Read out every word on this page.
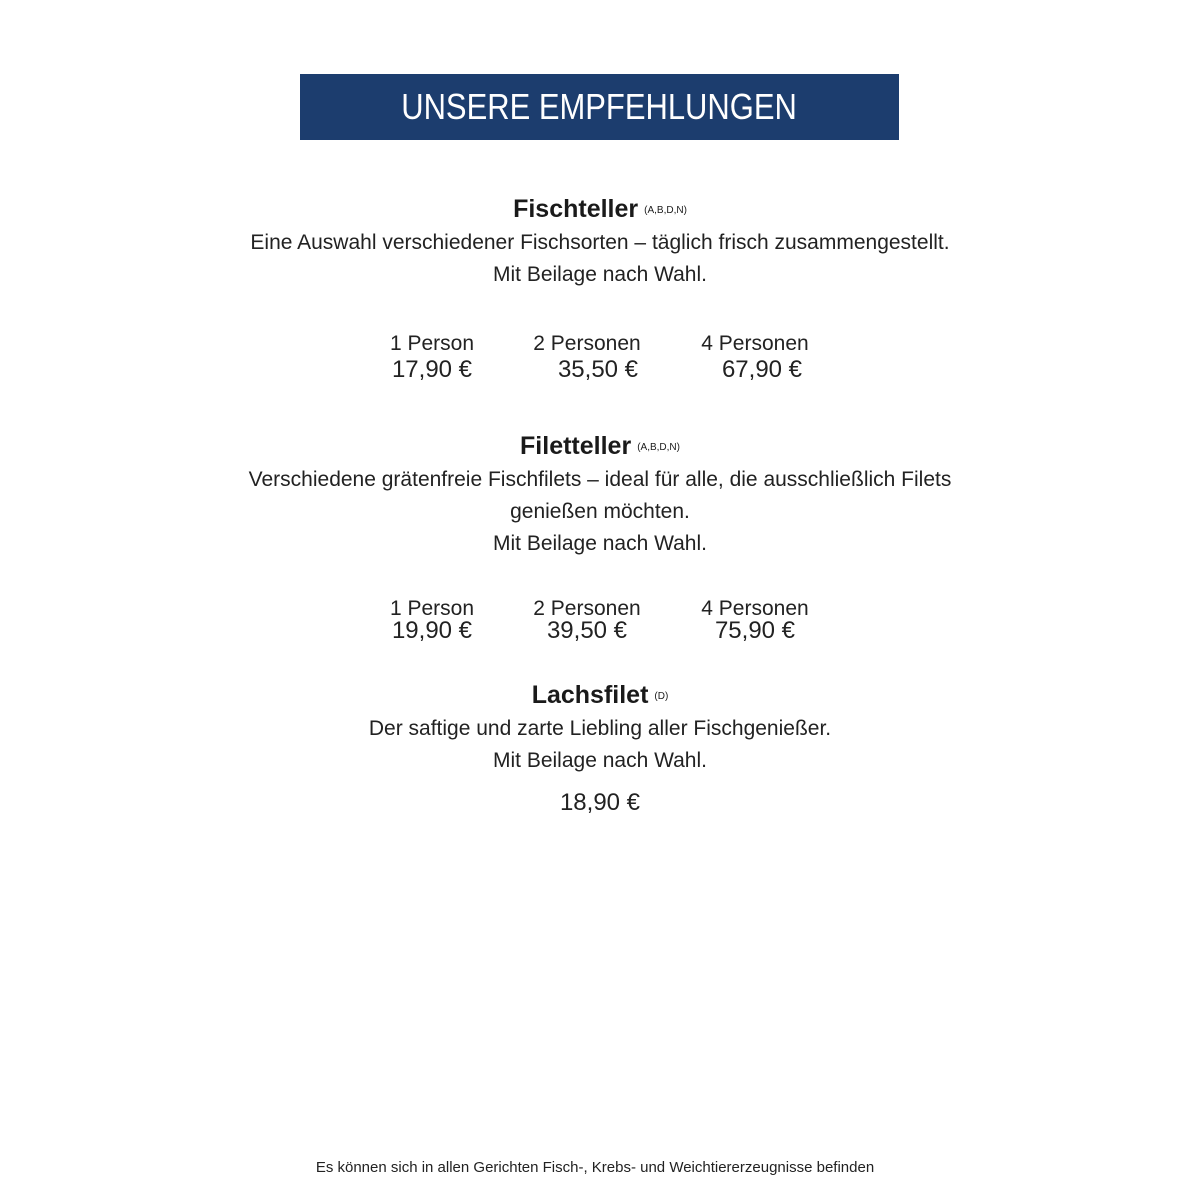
UNSERE EMPFEHLUNGEN
Fischteller (A,B,D,N)
Eine Auswahl verschiedener Fischsorten – täglich frisch zusammengestellt.
Mit Beilage nach Wahl.
1 Person
17,90 €
2 Personen
35,50 €
4 Personen
67,90 €
Filetteller (A,B,D,N)
Verschiedene grätenfreie Fischfilets – ideal für alle, die ausschließlich Filets
genießen möchten.
Mit Beilage nach Wahl.
1 Person
19,90 €
2 Personen
39,50 €
4 Personen
75,90 €
Lachsfilet (D)
Der saftige und zarte Liebling aller Fischgenießer.
Mit Beilage nach Wahl.
18,90 €
Es können sich in allen Gerichten Fisch-, Krebs- und Weichtiererzeugnisse befinden
